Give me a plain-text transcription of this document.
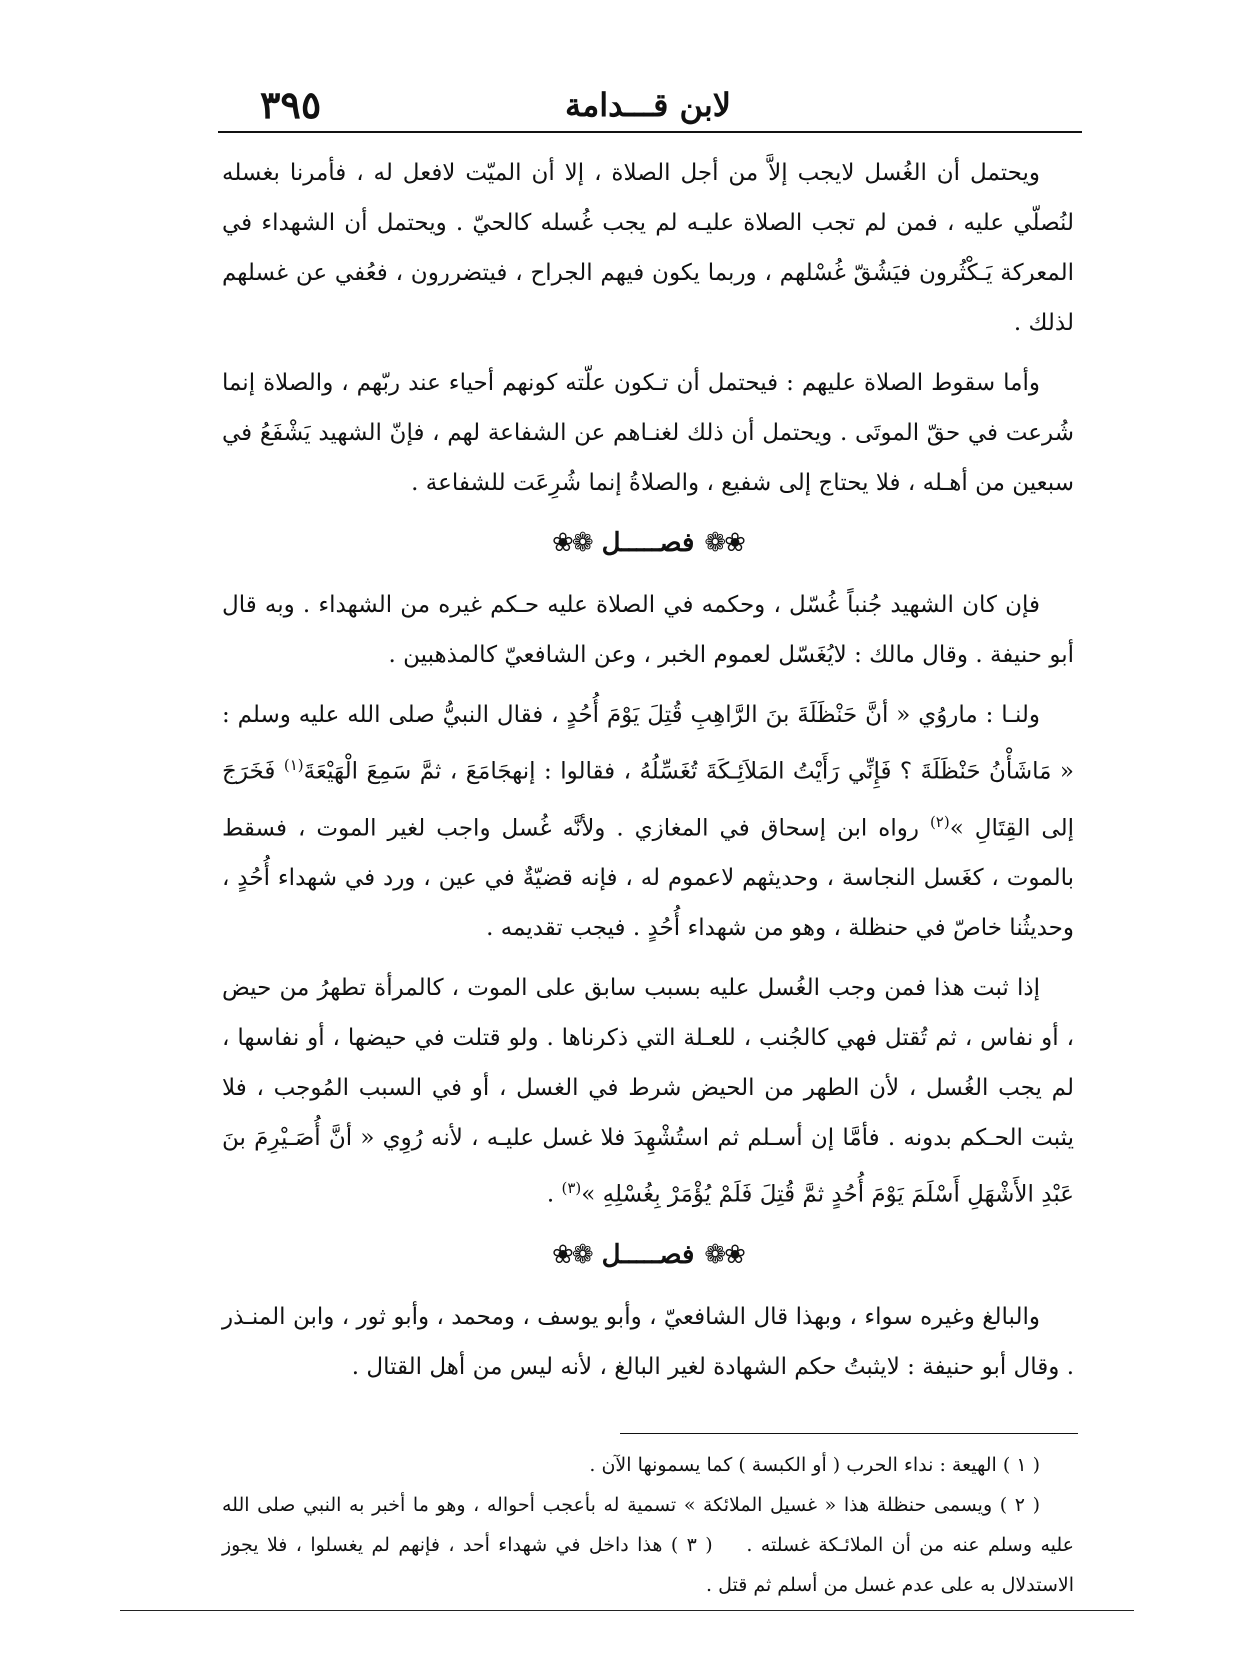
٣٩٥	لابن قـــدامة

ويحتمل أن الغُسل لايجب إلاَّ من أجل الصلاة ، إلا أن الميّت لافعل له ، فأمرنا بغسله لنُصلّي عليه ، فمن لم تجب الصلاة عليـه لم يجب غُسله كالحيّ . ويحتمل أن الشهداء في المعركة يَـكْثُرون فيَشُقّ غُسْلهم ، وربما يكون فيهم الجراح ، فيتضررون ، فعُفي عن غسلهم لذلك .

وأما سقوط الصلاة عليهم : فيحتمل أن تـكون علّته كونهم أحياء عند ربّهم ، والصلاة إنما شُرعت في حقّ الموتَى . ويحتمل أن ذلك لغنـاهم عن الشفاعة لهم ، فإنّ الشهيد يَشْفَعُ في سبعين من أهـله ، فلا يحتاج إلى شفيع ، والصلاةُ إنما شُرِعَت للشفاعة .

❀❁
فصـــــل
❁❀

فإن كان الشهيد جُنباً غُسّل ، وحكمه في الصلاة عليه حـكم غيره من الشهداء . وبه قال أبو حنيفة . وقال مالك : لايُغَسّل لعموم الخبر ، وعن الشافعيّ كالمذهبين .

ولنـا : ماروُي « أنَّ حَنْظَلَةَ بنَ الرَّاهِبِ قُتِلَ يَوْمَ أُحُدٍ ، فقال النبيُّ صلى الله عليه وسلم : « مَاشَأْنُ حَنْظَلَةَ ؟ فَإِنِّي رَأَيْتُ المَلاَئِـكَةَ تُغَسِّلُهُ ، فقالوا : إنهجَامَعَ ، ثمَّ سَمِعَ الْهَيْعَةَ$^{(١)}$ فَخَرَجَ إلى القِتَالِ »$^{(٢)}$ رواه ابن إسحاق في المغازي . ولأنَّه غُسل واجب لغير الموت ، فسقط بالموت ، كغَسل النجاسة ، وحديثهم لاعموم له ، فإنه قضيّةٌ في عين ، ورد في شهداء أُحُدٍ ، وحديثُنا خاصّ في حنظلة ، وهو من شهداء أُحُدٍ . فيجب تقديمه .

إذا ثبت هذا فمن وجب الغُسل عليه بسبب سابق على الموت ، كالمرأة تطهرُ من حيض ، أو نفاس ، ثم تُقتل فهي كالجُنب ، للعـلة التي ذكرناها . ولو قتلت في حيضها ، أو نفاسها ، لم يجب الغُسل ، لأن الطهر من الحيض شرط في الغسل ، أو في السبب المُوجب ، فلا يثبت الحـكم بدونه . فأمَّا إن أسـلم ثم استُشْهِدَ فلا غسل عليـه ، لأنه رُوِي « أنَّ أُصَـيْرِمَ بنَ عَبْدِ الأَشْهَلِ أَسْلَمَ يَوْمَ أُحُدٍ ثمَّ قُتِلَ فَلَمْ يُؤْمَرْ بِغُسْلِهِ »$^{(٣)}$ .

❀❁
فصـــــل
❁❀

والبالغ وغيره سواء ، وبهذا قال الشافعيّ ، وأبو يوسف ، ومحمد ، وأبو ثور ، وابن المنـذر . وقال أبو حنيفة : لايثبتُ حكم الشهادة لغير البالغ ، لأنه ليس من أهل القتال .

( ١ ) الهيعة : نداء الحرب ( أو الكبسة ) كما يسمونها الآن .

( ٢ ) ويسمى حنظلة هذا « غسيل الملائكة » تسمية له بأعجب أحواله ، وهو ما أخبر به النبي صلى الله عليه وسلم عنه من أن الملائـكة غسلته .    ( ٣ ) هذا داخل في شهداء أحد ، فإنهم لم يغسلوا ، فلا يجوز الاستدلال به على عدم غسل من أسلم ثم قتل .
